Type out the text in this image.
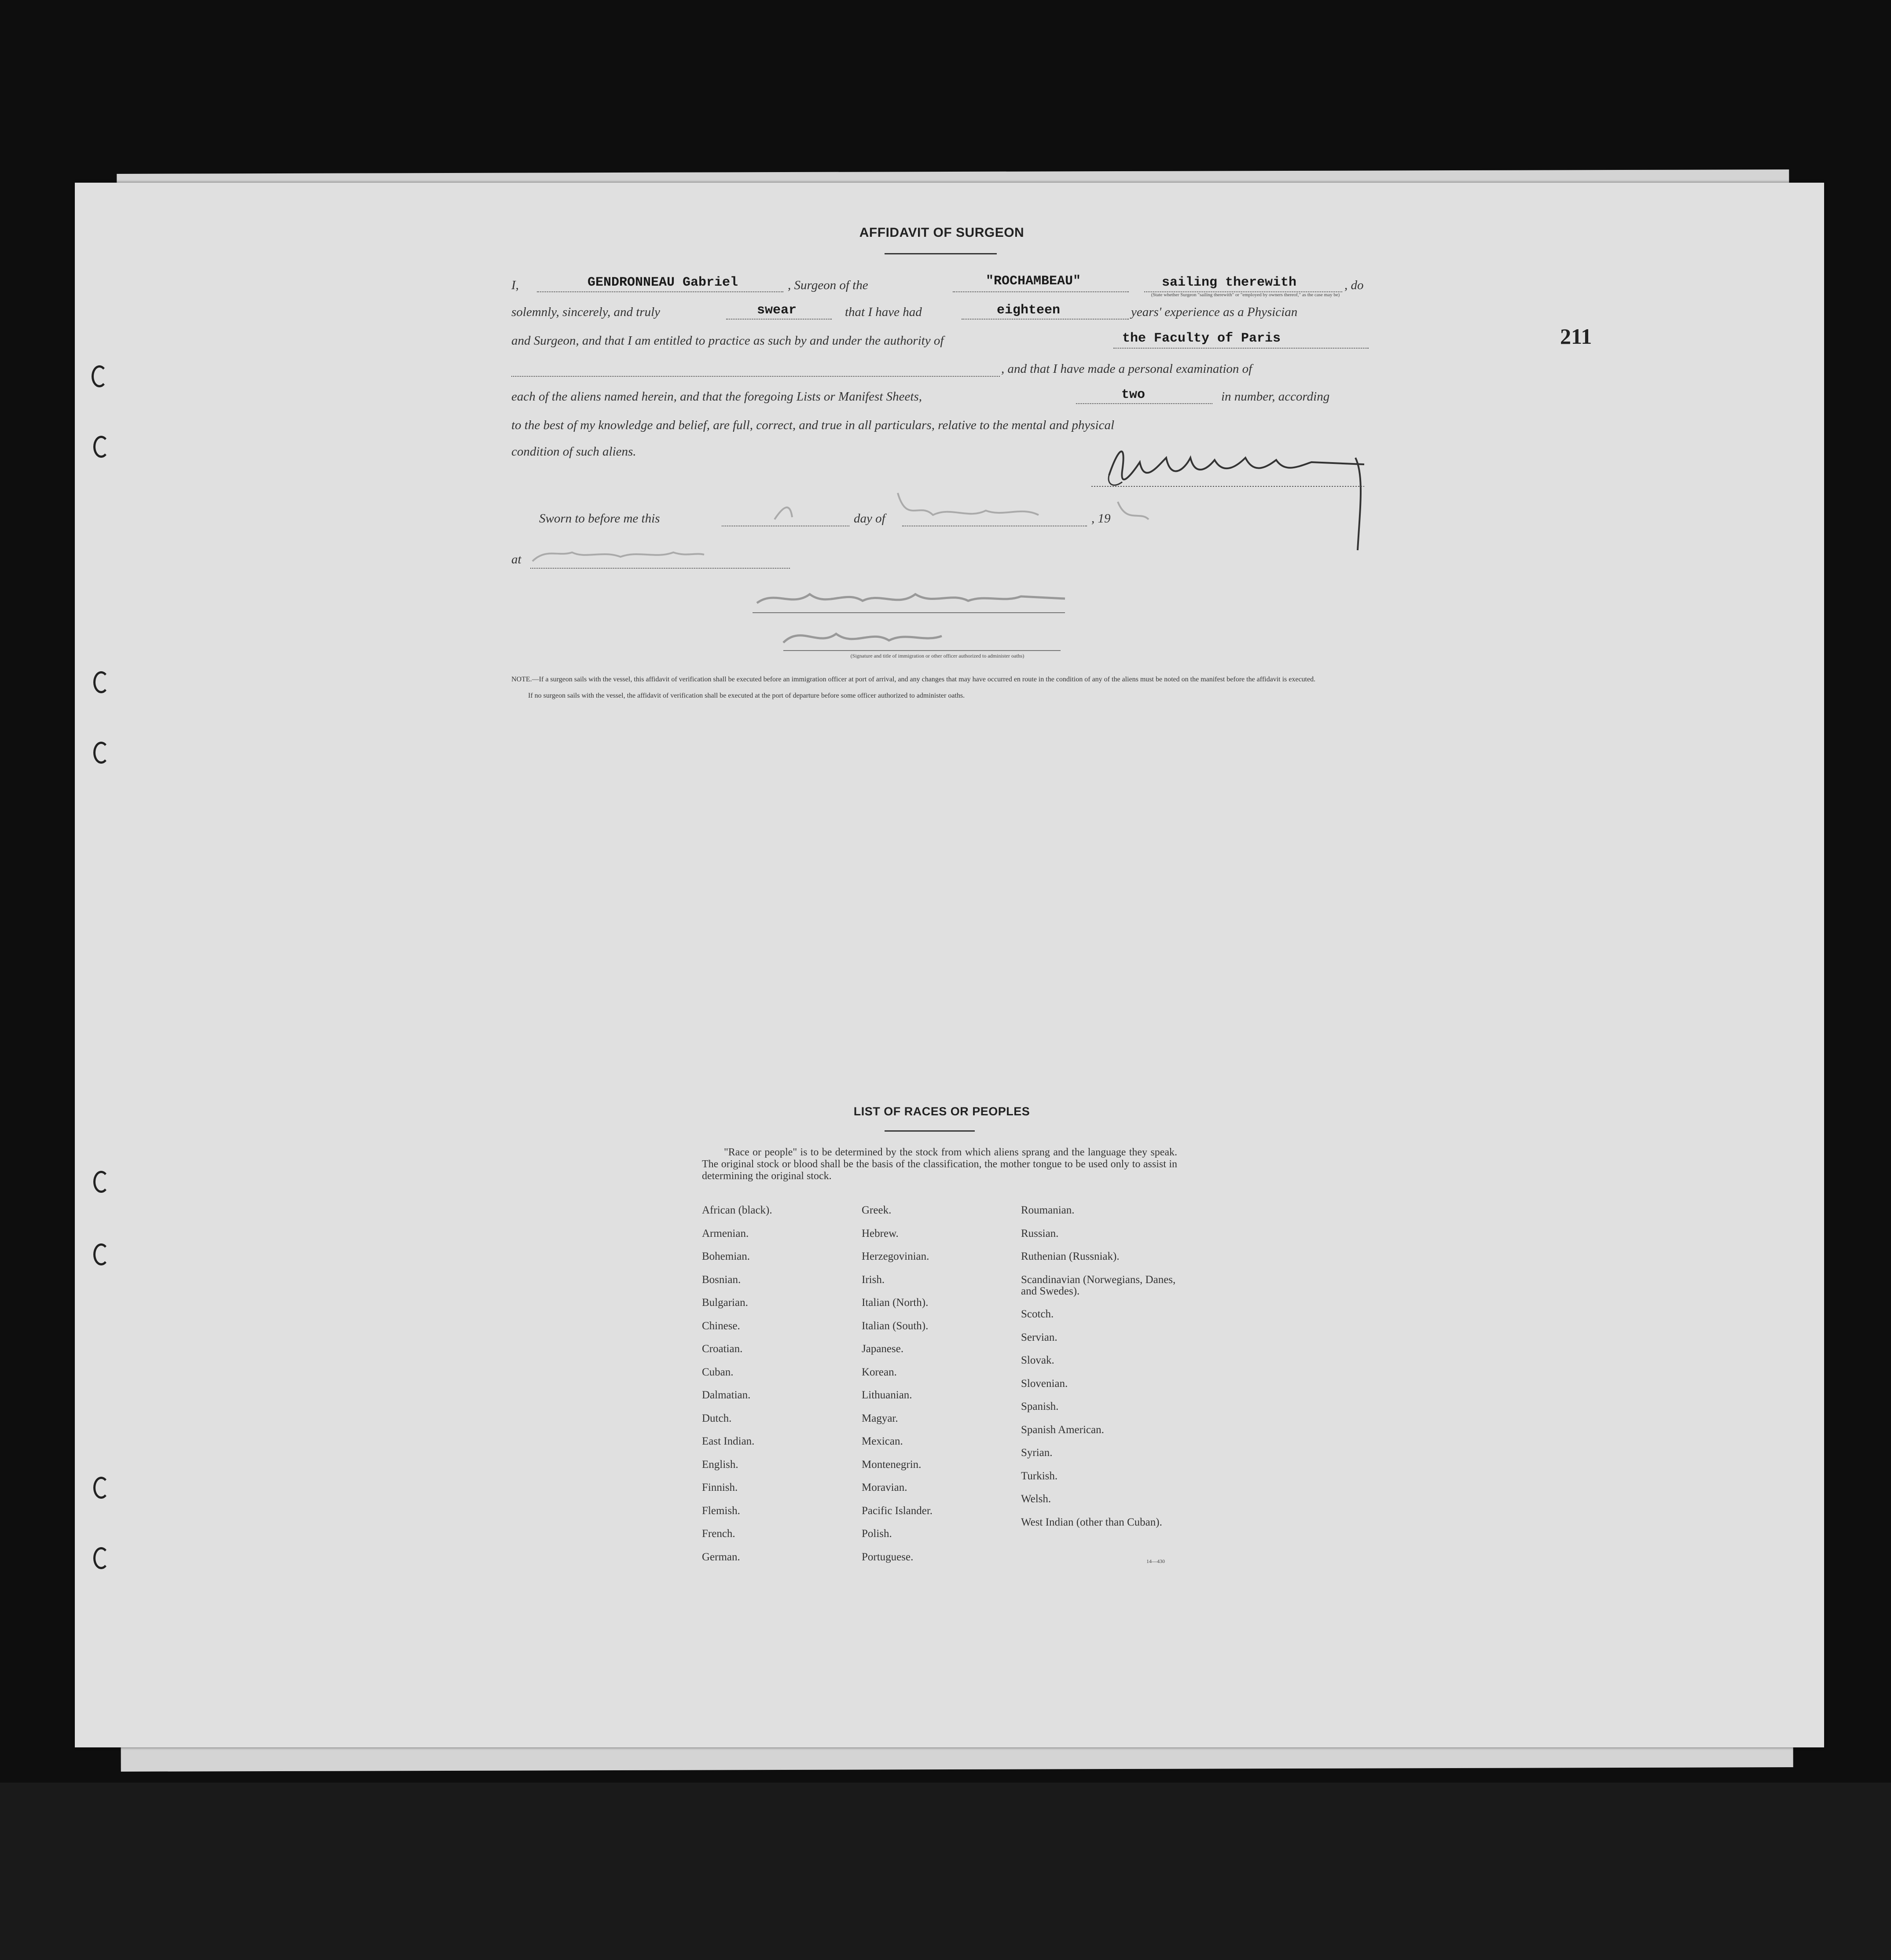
211
AFFIDAVIT OF SURGEON
I,	GENDRONNEAU Gabriel	, Surgeon of the	"ROCHAMBEAU"	sailing therewith	, do
(State whether Surgeon "sailing therewith" or "employed by owners thereof," as the case may be)
solemnly, sincerely, and truly	swear	that I have had	eighteen	years' experience as a Physician
and Surgeon, and that I am entitled to practice as such by and under the authority of	the Faculty of Paris
, and that I have made a personal examination of
each of the aliens named herein, and that the foregoing Lists or Manifest Sheets,	two	in number, according
to the best of my knowledge and belief, are full, correct, and true in all particulars, relative to the mental and physical
condition of such aliens.
Sworn to before me this	day of	, 19
at
(Signature and title of immigration or other officer authorized to administer oaths)
NOTE.—If a surgeon sails with the vessel, this affidavit of verification shall be executed before an immigration officer at port of arrival, and any changes that may have occurred en route in the condition of any of the aliens must be noted on the manifest before the affidavit is executed.
If no surgeon sails with the vessel, the affidavit of verification shall be executed at the port of departure before some officer authorized to administer oaths.
LIST OF RACES OR PEOPLES
"Race or people" is to be determined by the stock from which aliens sprang and the language they speak. The original stock or blood shall be the basis of the classification, the mother tongue to be used only to assist in determining the original stock.
African (black).
Armenian.
Bohemian.
Bosnian.
Bulgarian.
Chinese.
Croatian.
Cuban.
Dalmatian.
Dutch.
East Indian.
English.
Finnish.
Flemish.
French.
German.
Greek.
Hebrew.
Herzegovinian.
Irish.
Italian (North).
Italian (South).
Japanese.
Korean.
Lithuanian.
Magyar.
Mexican.
Montenegrin.
Moravian.
Pacific Islander.
Polish.
Portuguese.
Roumanian.
Russian.
Ruthenian (Russniak).
Scandinavian (Norwegians, Danes, and Swedes).
Scotch.
Servian.
Slovak.
Slovenian.
Spanish.
Spanish American.
Syrian.
Turkish.
Welsh.
West Indian (other than Cuban).
14—430
